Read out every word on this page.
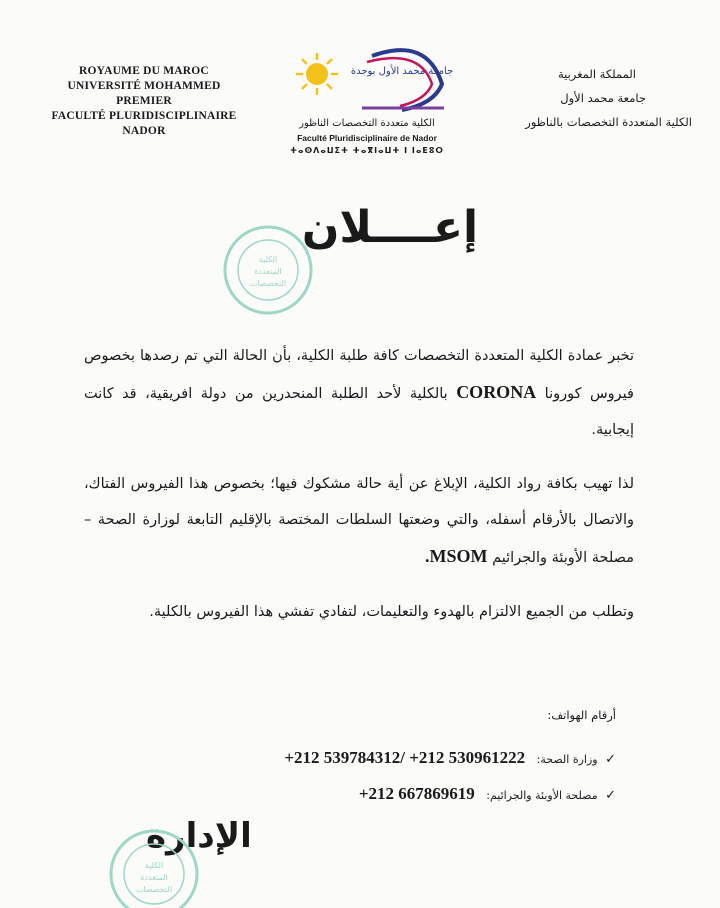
ROYAUME DU MAROC
UNIVERSITÉ MOHAMMED
PREMIER
FACULTÉ PLURIDISCIPLINAIRE
NADOR
المملكة المغربية
جامعة محمد الأول
الكلية المتعددة التخصصات بالناظور
جامعة محمد الأول بوجدة
الكلية متعددة التخصصات الناظور
Faculté Pluridisciplinaire de Nador
ⵜⴰⵙⴷⴰⵡⵉⵜ ⵜⴰⴳⵏⴰⵡⵜ ⵏ ⵏⴰⴹⵓⵔ
إعــــلان
الكلية
المتعددة
التخصصات

تخبر عمادة الكلية المتعددة التخصصات كافة طلبة الكلية، بأن الحالة التي تم رصدها بخصوص فيروس كورونا CORONA بالكلية لأحد الطلبة المنحدرين من دولة افريقية، قد كانت إيجابية.

لذا تهيب بكافة رواد الكلية، الإبلاغ عن أية حالة مشكوك فيها؛ بخصوص هذا الفيروس الفتاك، والاتصال بالأرقام أسفله، والتي وضعتها السلطات المختصة بالإقليم التابعة لوزارة الصحة – مصلحة الأوبئة والجرائيم MSOM.

وتطلب من الجميع الالتزام بالهدوء والتعليمات، لتفادي تفشي هذا الفيروس بالكلية.

أرقام الهواتف:
✓ وزارة الصحة: +212 539784312/ +212 530961222
✓ مصلحة الأوبئة والجرائيم: +212 667869619
الإدارة
الكلية
المتعددة
التخصصات
